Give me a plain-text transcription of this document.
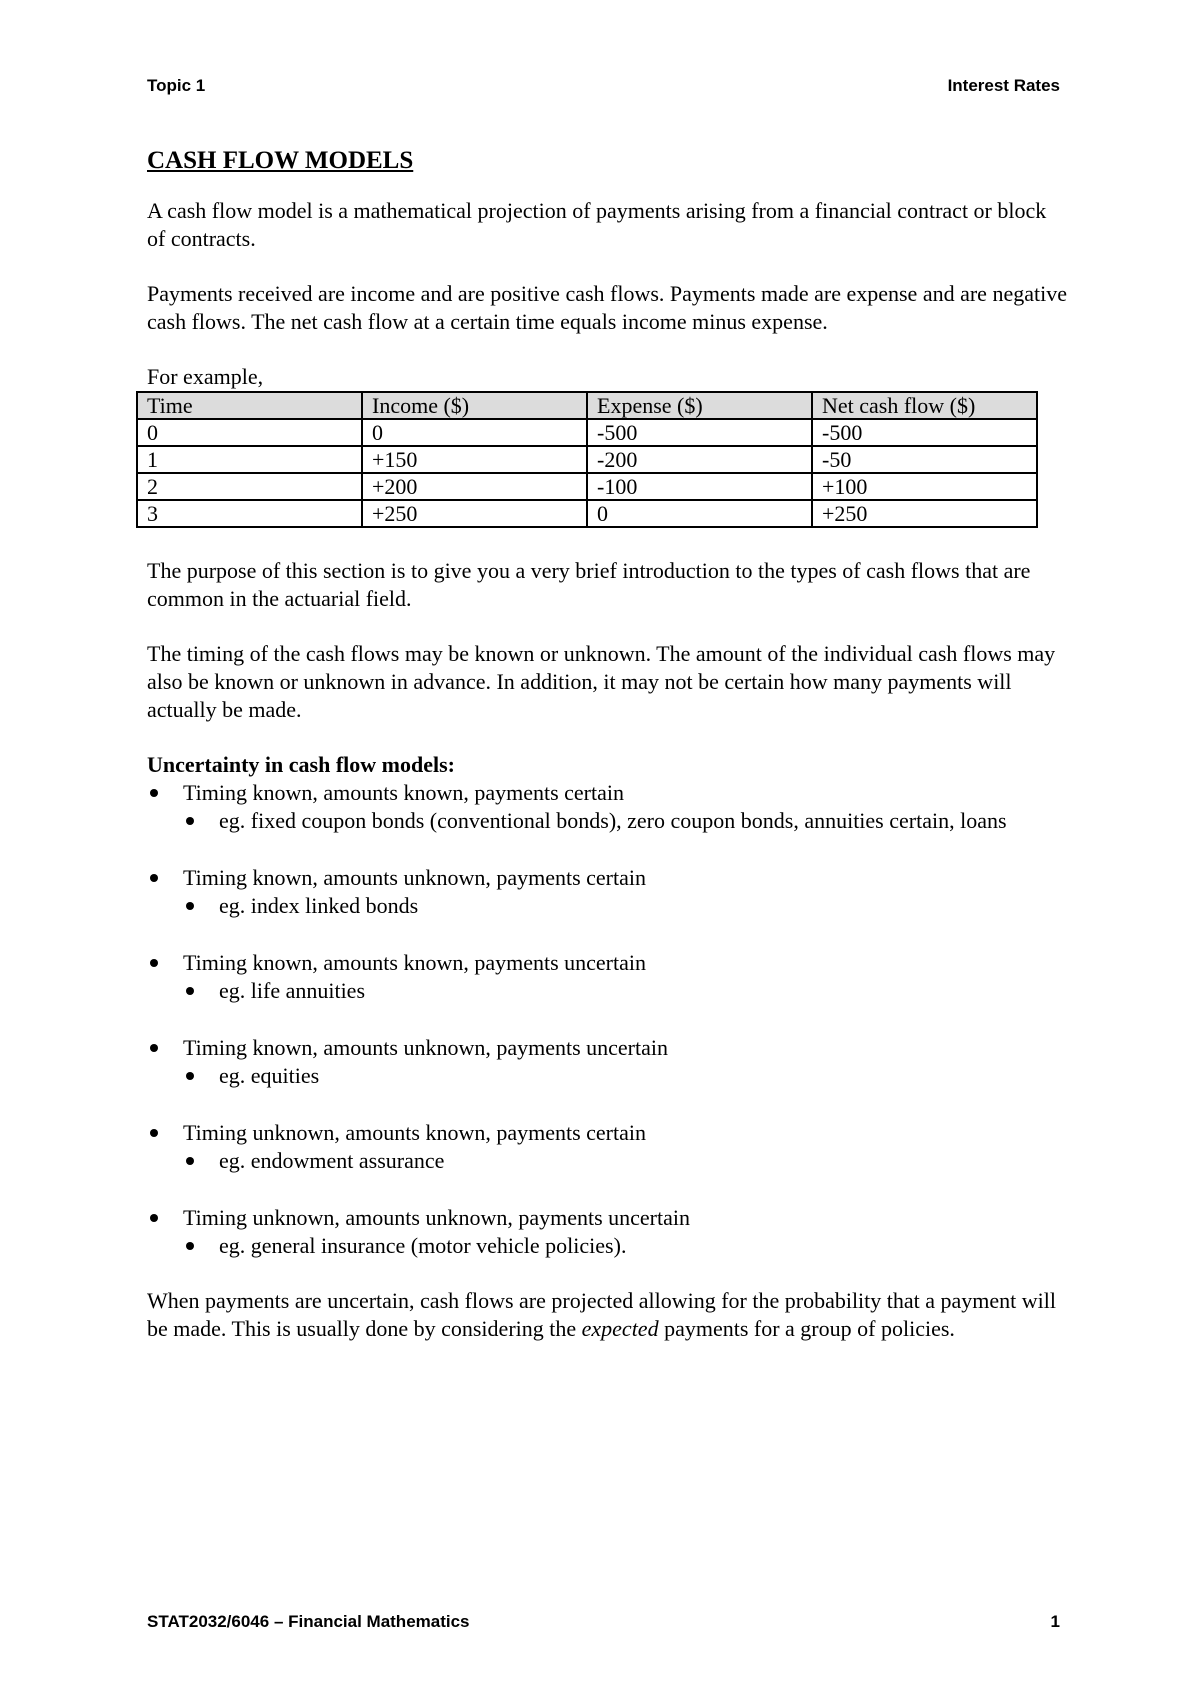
Topic 1	Interest Rates
CASH FLOW MODELS

A cash flow model is a mathematical projection of payments arising from a financial contract or block of contracts.

Payments received are income and are positive cash flows. Payments made are expense and are negative cash flows. The net cash flow at a certain time equals income minus expense.

For example,

Time	Income ($)	Expense ($)	Net cash flow ($)
0	0	-500	-500
1	+150	-200	-50
2	+200	-100	+100
3	+250	0	+250

The purpose of this section is to give you a very brief introduction to the types of cash flows that are common in the actuarial field.

The timing of the cash flows may be known or unknown. The amount of the individual cash flows may also be known or unknown in advance. In addition, it may not be certain how many payments will actually be made.

Uncertainty in cash flow models:
Timing known, amounts known, payments certain
eg. fixed coupon bonds (conventional bonds), zero coupon bonds, annuities certain, loans
Timing known, amounts unknown, payments certain
eg. index linked bonds
Timing known, amounts known, payments uncertain
eg. life annuities
Timing known, amounts unknown, payments uncertain
eg. equities
Timing unknown, amounts known, payments certain
eg. endowment assurance
Timing unknown, amounts unknown, payments uncertain
eg. general insurance (motor vehicle policies).

When payments are uncertain, cash flows are projected allowing for the probability that a payment will be made. This is usually done by considering the expected payments for a group of policies.

STAT2032/6046 – Financial Mathematics	1
